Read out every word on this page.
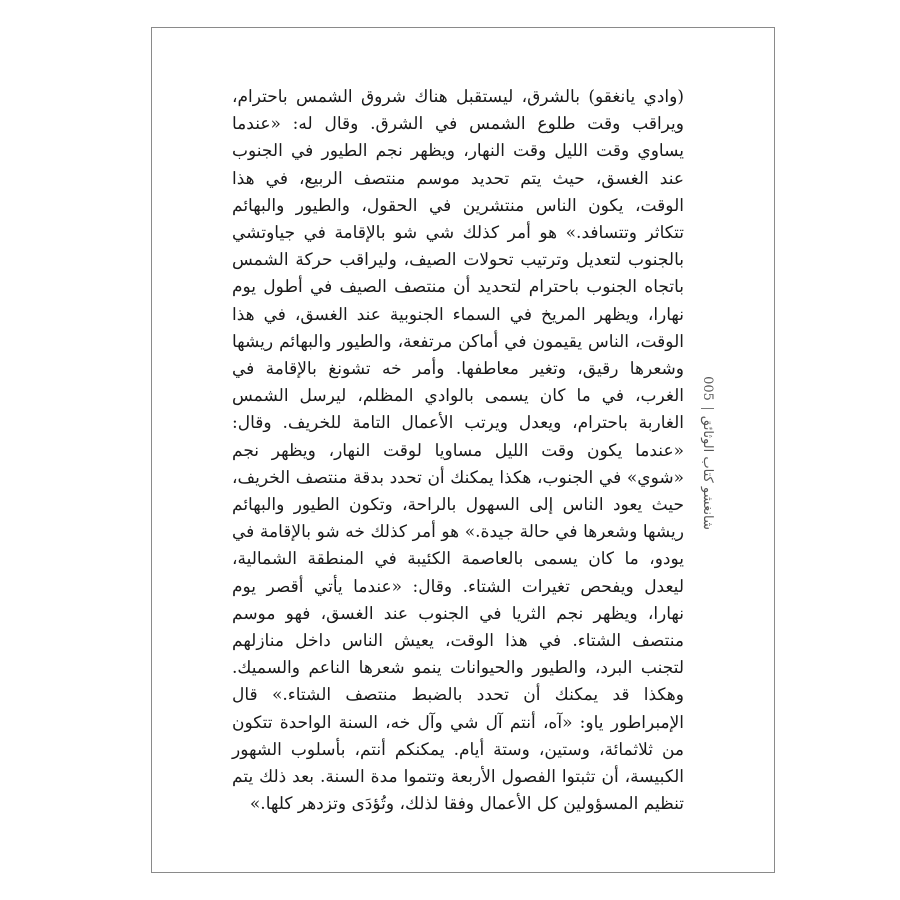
(وادي يانغقو) بالشرق، ليستقبل هناك شروق الشمس باحترام، ويراقب وقت طلوع الشمس في الشرق. وقال له: «عندما يساوي وقت الليل وقت النهار، ويظهر نجم الطيور في الجنوب عند الغسق، حيث يتم تحديد موسم منتصف الربيع، في هذا الوقت، يكون الناس منتشرين في الحقول، والطيور والبهائم تتكاثر وتتسافد.» هو أمر كذلك شي شو بالإقامة في جياوتشي بالجنوب لتعديل وترتيب تحولات الصيف، وليراقب حركة الشمس باتجاه الجنوب باحترام لتحديد أن منتصف الصيف في أطول يوم نهارا، ويظهر المريخ في السماء الجنوبية عند الغسق، في هذا الوقت، الناس يقيمون في أماكن مرتفعة، والطيور والبهائم ريشها وشعرها رقيق، وتغير معاطفها. وأمر خه تشونغ بالإقامة في الغرب، في ما كان يسمى بالوادي المظلم، ليرسل الشمس الغاربة باحترام، ويعدل ويرتب الأعمال التامة للخريف. وقال: «عندما يكون وقت الليل مساويا لوقت النهار، ويظهر نجم «شوي» في الجنوب، هكذا يمكنك أن تحدد بدقة منتصف الخريف، حيث يعود الناس إلى السهول بالراحة، وتكون الطيور والبهائم ريشها وشعرها في حالة جيدة.» هو أمر كذلك خه شو بالإقامة في يودو، ما كان يسمى بالعاصمة الكئيبة في المنطقة الشمالية، ليعدل ويفحص تغيرات الشتاء. وقال: «عندما يأتي أقصر يوم نهارا، ويظهر نجم الثريا في الجنوب عند الغسق، فهو موسم منتصف الشتاء. في هذا الوقت، يعيش الناس داخل منازلهم لتجنب البرد، والطيور والحيوانات ينمو شعرها الناعم والسميك. وهكذا قد يمكنك أن تحدد بالضبط منتصف الشتاء.» قال الإمبراطور ياو: «آه، أنتم آل شي وآل خه، السنة الواحدة تتكون من ثلاثمائة، وستين، وستة أيام. يمكنكم أنتم، بأسلوب الشهور الكبيسة، أن تثبتوا الفصول الأربعة وتتموا مدة السنة. بعد ذلك يتم تنظيم المسؤولين كل الأعمال وفقا لذلك، وتُؤدَى وتزدهر كلها.»

005
شانغشو كتاب الوثائق
